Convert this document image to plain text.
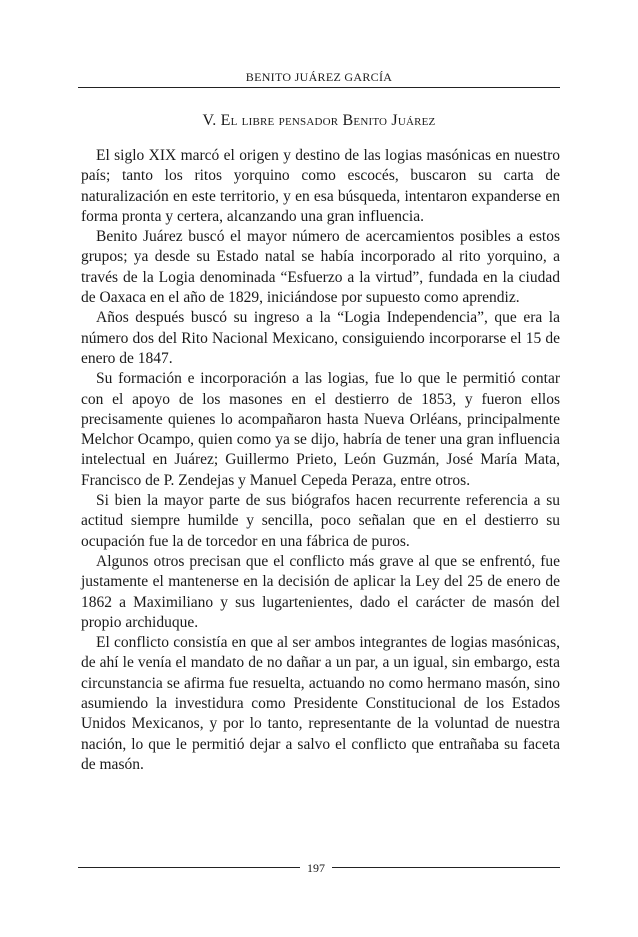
BENITO JUÁREZ GARCÍA
V. El libre pensador Benito Juárez

El siglo XIX marcó el origen y destino de las logias masónicas en nuestro país; tanto los ritos yorquino como escocés, buscaron su carta de naturalización en este territorio, y en esa búsqueda, intentaron expanderse en forma pronta y certera, alcanzando una gran influencia.

Benito Juárez buscó el mayor número de acercamientos posibles a estos grupos; ya desde su Estado natal se había incorporado al rito yorquino, a través de la Logia denominada “Esfuerzo a la virtud”, fundada en la ciudad de Oaxaca en el año de 1829, iniciándose por supuesto como aprendiz.

Años después buscó su ingreso a la “Logia Independencia”, que era la número dos del Rito Nacional Mexicano, consiguiendo incorporarse el 15 de enero de 1847.

Su formación e incorporación a las logias, fue lo que le permitió contar con el apoyo de los masones en el destierro de 1853, y fueron ellos precisamente quienes lo acompañaron hasta Nueva Orléans, principalmente Melchor Ocampo, quien como ya se dijo, habría de tener una gran influencia intelectual en Juárez; Guillermo Prieto, León Guzmán, José María Mata, Francisco de P. Zendejas y Manuel Cepeda Peraza, entre otros.

Si bien la mayor parte de sus biógrafos hacen recurrente referencia a su actitud siempre humilde y sencilla, poco señalan que en el destierro su ocupación fue la de torcedor en una fábrica de puros.

Algunos otros precisan que el conflicto más grave al que se enfrentó, fue justamente el mantenerse en la decisión de aplicar la Ley del 25 de enero de 1862 a Maximiliano y sus lugartenientes, dado el carácter de masón del propio archiduque.

El conflicto consistía en que al ser ambos integrantes de logias masónicas, de ahí le venía el mandato de no dañar a un par, a un igual, sin embargo, esta circunstancia se afirma fue resuelta, actuando no como hermano masón, sino asumiendo la investidura como Presidente Constitucional de los Estados Unidos Mexicanos, y por lo tanto, representante de la voluntad de nuestra nación, lo que le permitió dejar a salvo el conflicto que entrañaba su faceta de masón.

197
